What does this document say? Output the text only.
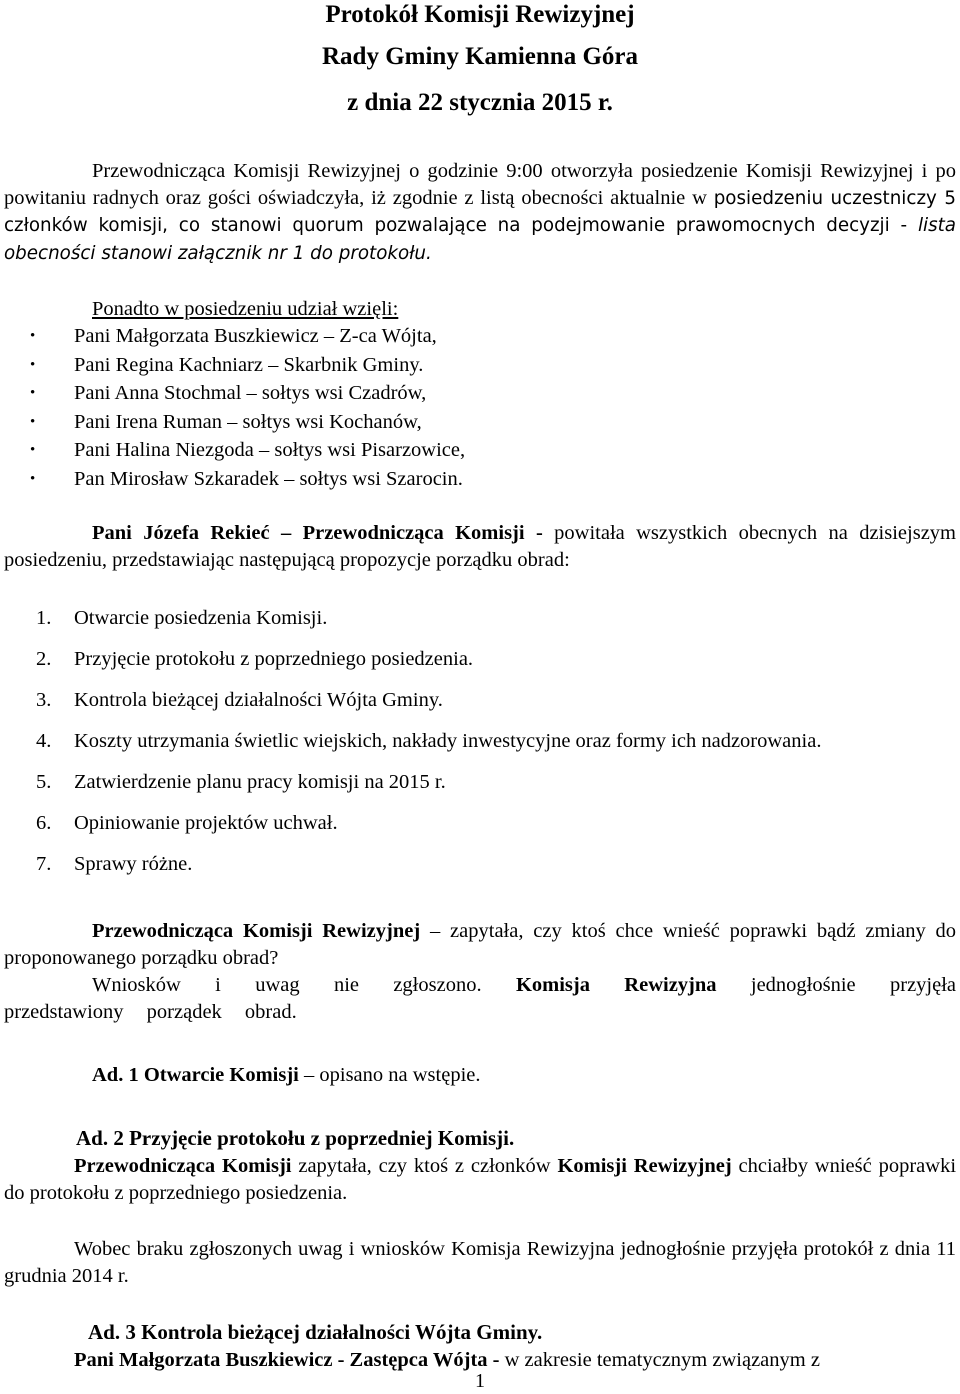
Protokół Komisji Rewizyjnej
Rady Gminy Kamienna Góra
z dnia 22 stycznia 2015 r.
Przewodnicząca Komisji Rewizyjnej o godzinie 9:00 otworzyła posiedzenie Komisji Rewizyjnej i po powitaniu radnych oraz gości oświadczyła, iż zgodnie z listą obecności aktualnie w posiedzeniu uczestniczy 5 członków komisji, co stanowi quorum pozwalające na podejmowanie prawomocnych decyzji - lista obecności stanowi załącznik nr 1 do protokołu.
Ponadto w posiedzeniu udział wzięli:
• Pani Małgorzata Buszkiewicz – Z-ca Wójta,
• Pani Regina Kachniarz – Skarbnik Gminy.
• Pani Anna Stochmal – sołtys wsi Czadrów,
• Pani Irena Ruman – sołtys wsi Kochanów,
• Pani Halina Niezgoda – sołtys wsi Pisarzowice,
• Pan Mirosław Szkaradek – sołtys wsi Szarocin.
Pani Józefa Rekieć – Przewodnicząca Komisji - powitała wszystkich obecnych na dzisiejszym posiedzeniu, przedstawiając następującą propozycje porządku obrad:
1. Otwarcie posiedzenia Komisji.
2. Przyjęcie protokołu z poprzedniego posiedzenia.
3. Kontrola bieżącej działalności Wójta Gminy.
4. Koszty utrzymania świetlic wiejskich, nakłady inwestycyjne oraz formy ich nadzorowania.
5. Zatwierdzenie planu pracy komisji na 2015 r.
6. Opiniowanie projektów uchwał.
7. Sprawy różne.
Przewodnicząca Komisji Rewizyjnej – zapytała, czy ktoś chce wnieść poprawki bądź zmiany do proponowanego porządku obrad?
Wniosków i uwag nie zgłoszono. Komisja Rewizyjna jednogłośnie przyjęła przedstawiony porządek obrad.
Ad. 1 Otwarcie Komisji – opisano na wstępie.
Ad. 2 Przyjęcie protokołu z poprzedniej Komisji.
Przewodnicząca Komisji zapytała, czy ktoś z członków Komisji Rewizyjnej chciałby wnieść poprawki do protokołu z poprzedniego posiedzenia.
Wobec braku zgłoszonych uwag i wniosków Komisja Rewizyjna jednogłośnie przyjęła protokół z dnia 11 grudnia 2014 r.
Ad. 3 Kontrola bieżącej działalności Wójta Gminy.
Pani Małgorzata Buszkiewicz - Zastępca Wójta - w zakresie tematycznym związanym z
1
